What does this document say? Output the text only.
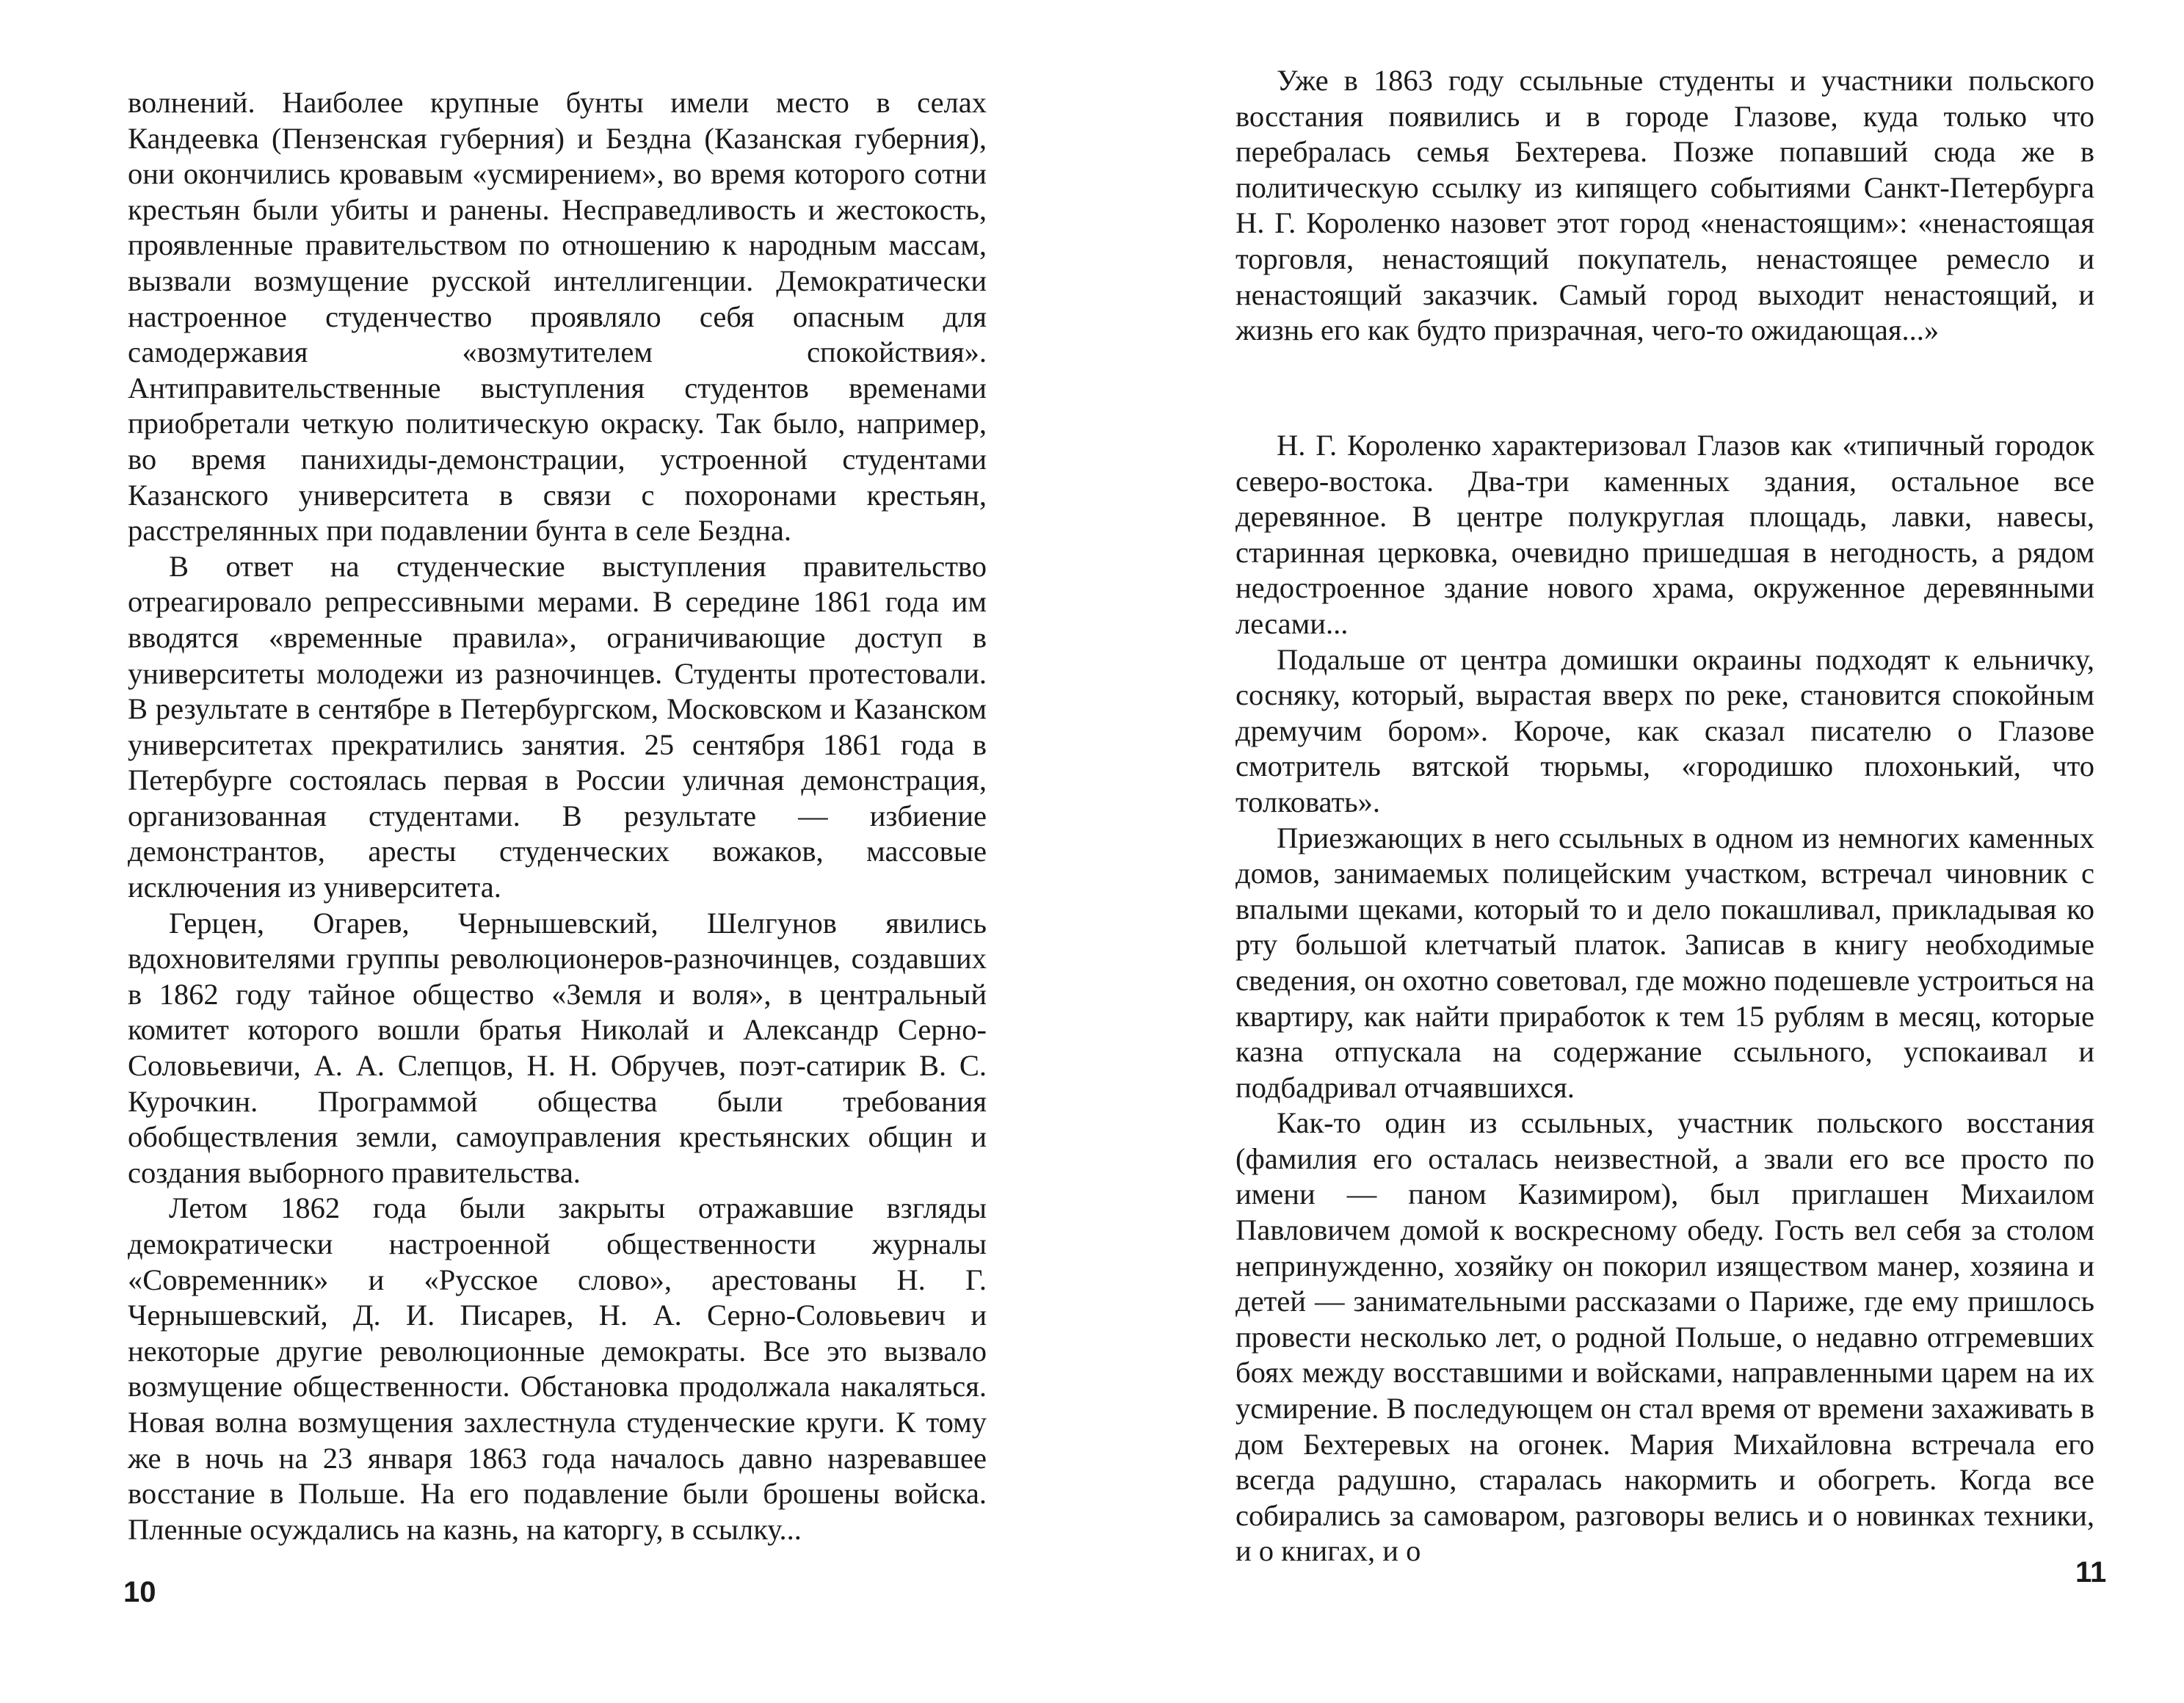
волнений. Наиболее крупные бунты имели место в селах Кандеевка (Пензенская губерния) и Бездна (Казанская губерния), они окончились кровавым «усмирением», во время которого сотни крестьян были убиты и ранены. Несправедливость и жестокость, проявленные правительством по отношению к народным массам, вызвали возмущение русской интеллигенции. Демократически настроенное студенчество проявляло себя опасным для самодержавия «возмутителем спокойствия». Антиправительственные выступления студентов временами приобретали четкую политическую окраску. Так было, например, во время панихиды-демонстрации, устроенной студентами Казанского университета в связи с похоронами крестьян, расстрелянных при подавлении бунта в селе Бездна.

В ответ на студенческие выступления правительство отреагировало репрессивными мерами. В середине 1861 года им вводятся «временные правила», ограничивающие доступ в университеты молодежи из разночинцев. Студенты протестовали. В результате в сентябре в Петербургском, Московском и Казанском университетах прекратились занятия. 25 сентября 1861 года в Петербурге состоялась первая в России уличная демонстрация, организованная студентами. В результате — избиение демонстрантов, аресты студенческих вожаков, массовые исключения из университета.

Герцен, Огарев, Чернышевский, Шелгунов явились вдохновителями группы революционеров-разночинцев, создавших в 1862 году тайное общество «Земля и воля», в центральный комитет которого вошли братья Николай и Александр Серно-Соловьевичи, А. А. Слепцов, Н. Н. Обручев, поэт-сатирик В. С. Курочкин. Программой общества были требования обобществления земли, самоуправления крестьянских общин и создания выборного правительства.

Летом 1862 года были закрыты отражавшие взгляды демократически настроенной общественности журналы «Современник» и «Русское слово», арестованы Н. Г. Чернышевский, Д. И. Писарев, Н. А. Серно-Соловьевич и некоторые другие революционные демократы. Все это вызвало возмущение общественности. Обстановка продолжала накаляться. Новая волна возмущения захлестнула студенческие круги. К тому же в ночь на 23 января 1863 года началось давно назревавшее восстание в Польше. На его подавление были брошены войска. Пленные осуждались на казнь, на каторгу, в ссылку...

10

Уже в 1863 году ссыльные студенты и участники польского восстания появились и в городе Глазове, куда только что перебралась семья Бехтерева. Позже попавший сюда же в политическую ссылку из кипящего событиями Санкт-Петербурга Н. Г. Короленко назовет этот город «ненастоящим»: «ненастоящая торговля, ненастоящий покупатель, ненастоящее ремесло и ненастоящий заказчик. Самый город выходит ненастоящий, и жизнь его как будто призрачная, чего-то ожидающая...»

Н. Г. Короленко характеризовал Глазов как «типичный городок северо-востока. Два-три каменных здания, остальное все деревянное. В центре полукруглая площадь, лавки, навесы, старинная церковка, очевидно пришедшая в негодность, а рядом недостроенное здание нового храма, окруженное деревянными лесами...

Подальше от центра домишки окраины подходят к ельничку, сосняку, который, вырастая вверх по реке, становится спокойным дремучим бором». Короче, как сказал писателю о Глазове смотритель вятской тюрьмы, «городишко плохонький, что толковать».

Приезжающих в него ссыльных в одном из немногих каменных домов, занимаемых полицейским участком, встречал чиновник с впалыми щеками, который то и дело покашливал, прикладывая ко рту большой клетчатый платок. Записав в книгу необходимые сведения, он охотно советовал, где можно подешевле устроиться на квартиру, как найти приработок к тем 15 рублям в месяц, которые казна отпускала на содержание ссыльного, успокаивал и подбадривал отчаявшихся.

Как-то один из ссыльных, участник польского восстания (фамилия его осталась неизвестной, а звали его все просто по имени — паном Казимиром), был приглашен Михаилом Павловичем домой к воскресному обеду. Гость вел себя за столом непринужденно, хозяйку он покорил изяществом манер, хозяина и детей — занимательными рассказами о Париже, где ему пришлось провести несколько лет, о родной Польше, о недавно отгремевших боях между восставшими и войсками, направленными царем на их усмирение. В последующем он стал время от времени захаживать в дом Бехтеревых на огонек. Мария Михайловна встречала его всегда радушно, старалась накормить и обогреть. Когда все собирались за самоваром, разговоры велись и о новинках техники, и о книгах, и о

11
